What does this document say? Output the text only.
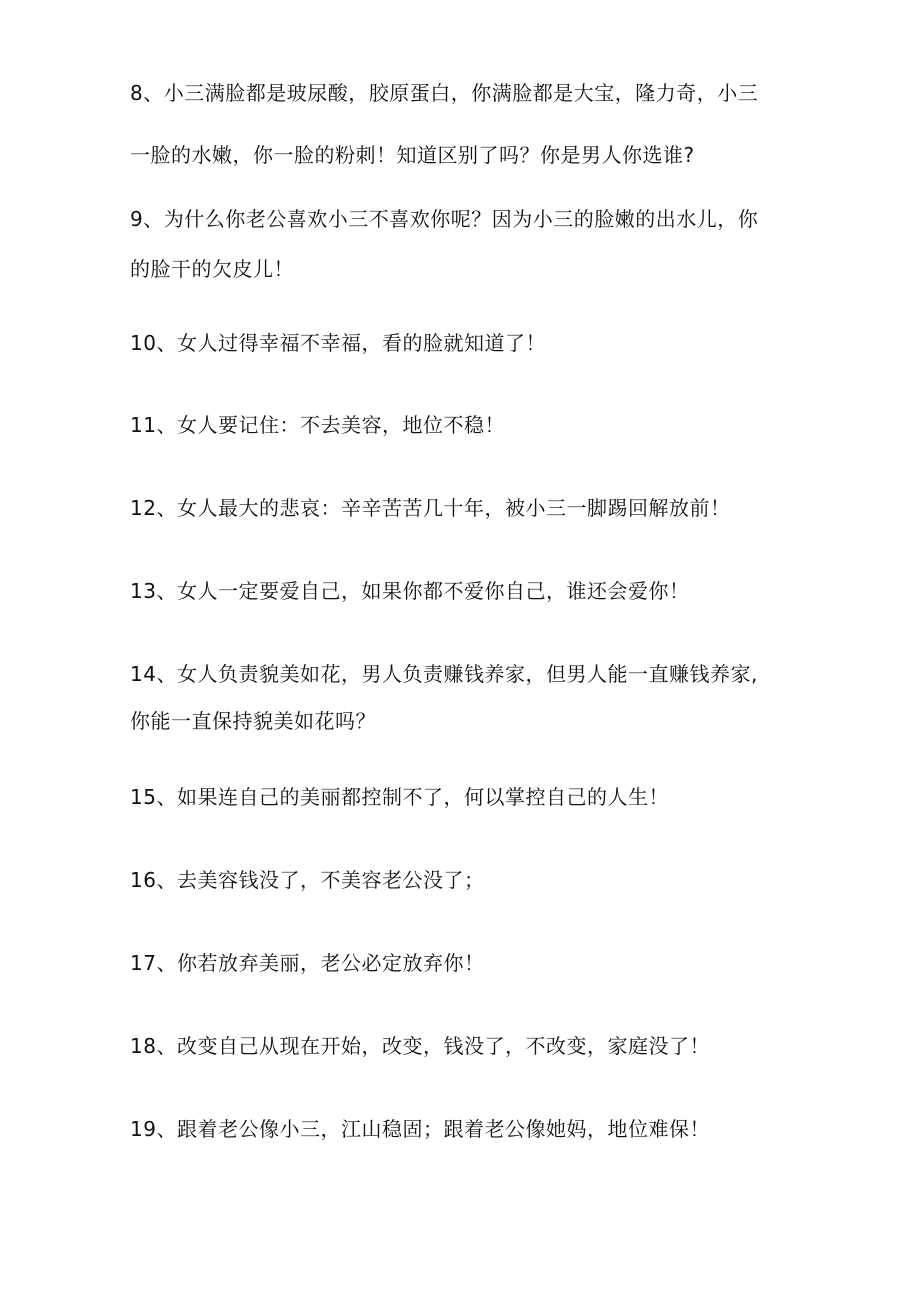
8、小三满脸都是玻尿酸，胶原蛋白，你满脸都是大宝，隆力奇，小三
一脸的水嫩，你一脸的粉刺！知道区别了吗？你是男人你选谁?
9、为什么你老公喜欢小三不喜欢你呢？因为小三的脸嫩的出水儿，你
的脸干的欠皮儿！
10、女人过得幸福不幸福，看的脸就知道了！
11、女人要记住：不去美容，地位不稳！
12、女人最大的悲哀：辛辛苦苦几十年，被小三一脚踢回解放前！
13、女人一定要爱自己，如果你都不爱你自己，谁还会爱你！
14、女人负责貌美如花，男人负责赚钱养家，但男人能一直赚钱养家,
你能一直保持貌美如花吗？
15、如果连自己的美丽都控制不了，何以掌控自己的人生！
16、去美容钱没了，不美容老公没了；
17、你若放弃美丽，老公必定放弃你！
18、改变自己从现在开始，改变，钱没了，不改变，家庭没了！
19、跟着老公像小三，江山稳固；跟着老公像她妈，地位难保！
